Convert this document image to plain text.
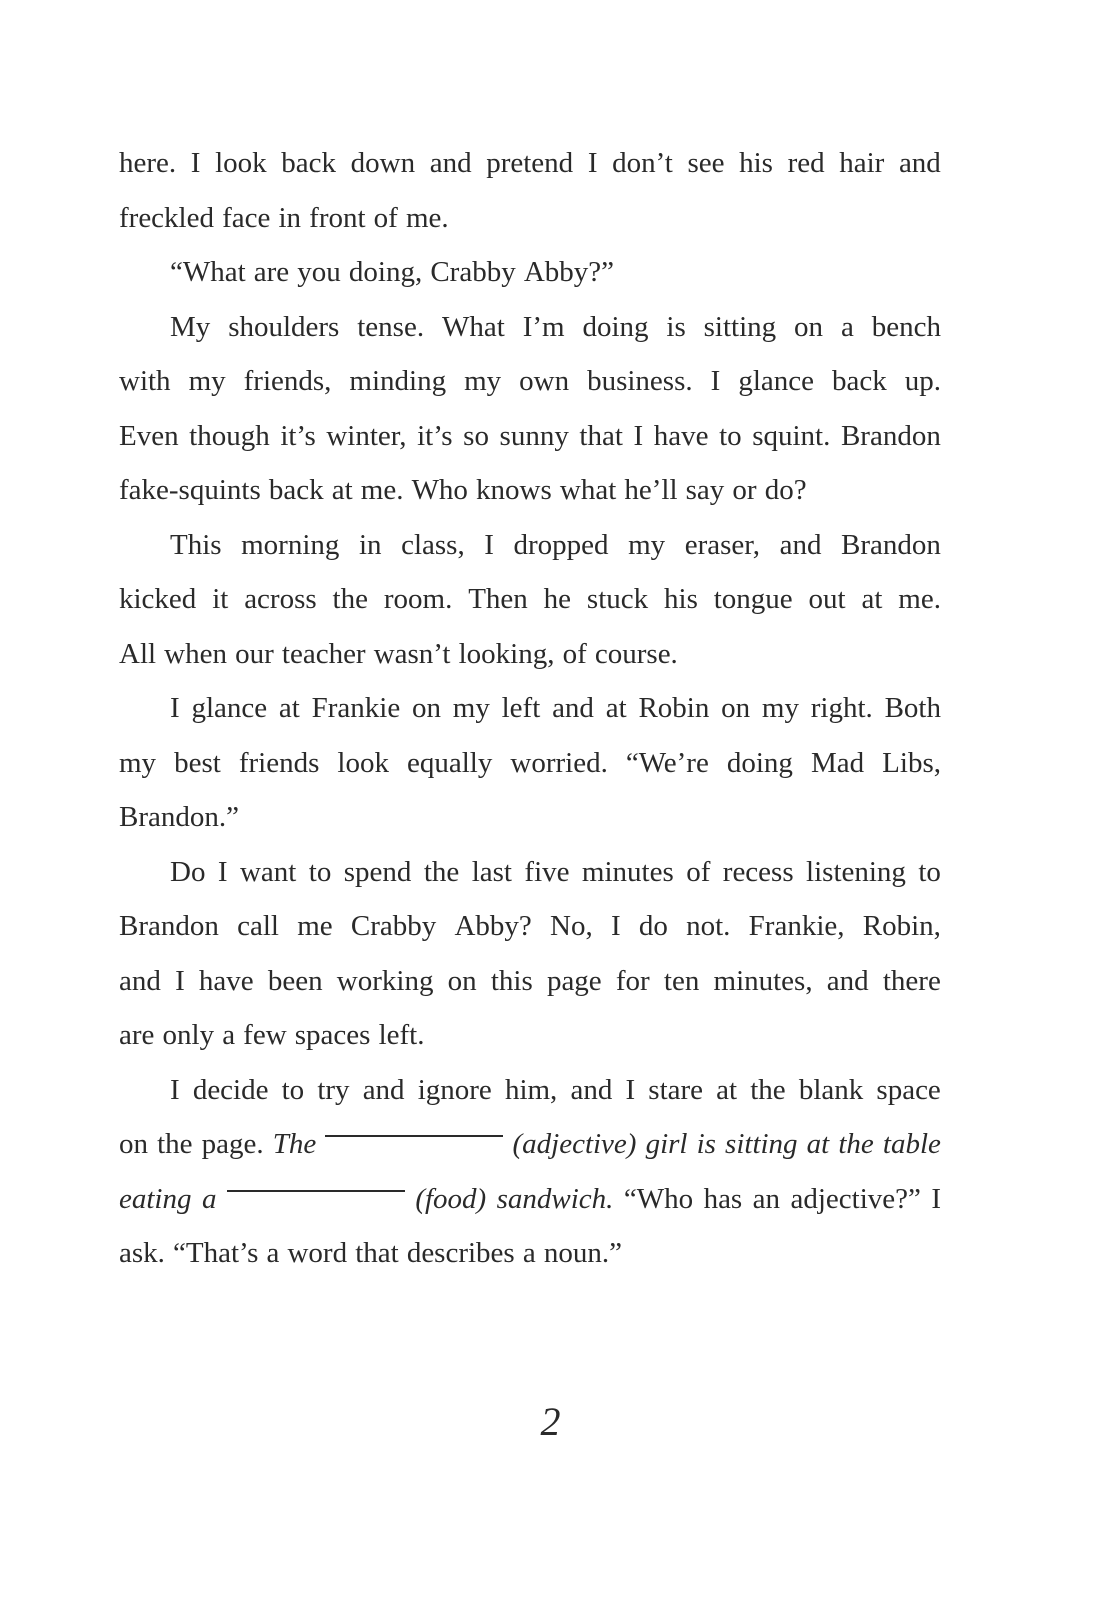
here. I look back down and pretend I don’t see his red hair and
freckled face in front of me.
“What are you doing, Crabby Abby?”
My shoulders tense. What I’m doing is sitting on a bench
with my friends, minding my own business. I glance back up.
Even though it’s winter, it’s so sunny that I have to squint. Brandon
fake-squints back at me. Who knows what he’ll say or do?
This morning in class, I dropped my eraser, and Brandon
kicked it across the room. Then he stuck his tongue out at me.
All when our teacher wasn’t looking, of course.
I glance at Frankie on my left and at Robin on my right. Both
my best friends look equally worried. “We’re doing Mad Libs,
Brandon.”
Do I want to spend the last five minutes of recess listening to
Brandon call me Crabby Abby? No, I do not. Frankie, Robin,
and I have been working on this page for ten minutes, and there
are only a few spaces left.
I decide to try and ignore him, and I stare at the blank space
on the page. The	(adjective) girl is sitting at the table
eating a	(food) sandwich. “Who has an adjective?” I
ask. “That’s a word that describes a noun.”
2
